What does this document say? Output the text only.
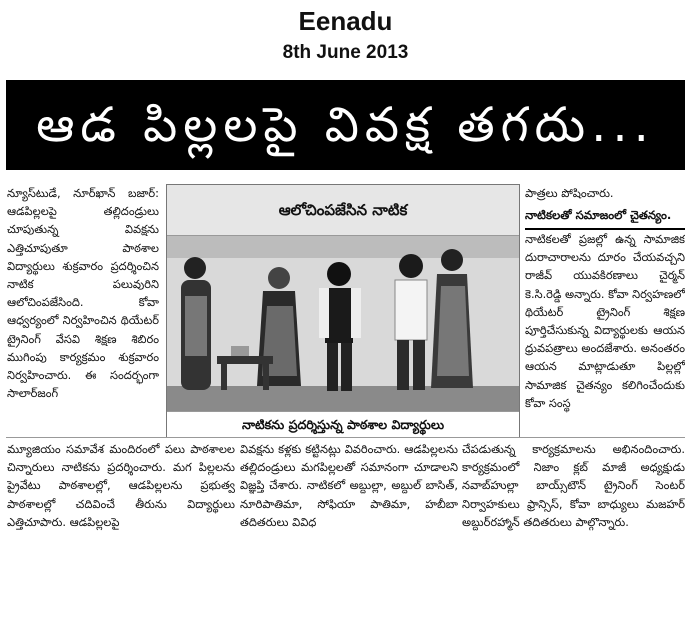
Eenadu
8th June 2013
ఆడ పిల్లలపై వివక్ష తగదు...
న్యూస్‌టుడే, నూర్‌ఖాన్ బజార్: ఆడపిల్లలపై తల్లిదండ్రులు చూపుతున్న వివక్షను ఎత్తిచూపుతూ పాఠశాల విద్యార్థులు శుక్రవారం ప్రదర్శించిన నాటిక పలువురిని ఆలోచింపజేసింది. కోవా ఆధ్వర్యంలో నిర్వహించిన థియేటర్ ట్రైనింగ్ వేసవి శిక్షణ శిబిరం ముగింపు కార్యక్రమం శుక్రవారం నిర్వహించారు. ఈ సందర్భంగా సాలార్‌జంగ్
ఆలోచింపజేసిన నాటిక
నాటికను ప్రదర్శిస్తున్న పాఠశాల విద్యార్థులు
పాత్రలు పోషించారు.
నాటికలతో సమాజంలో చైతన్యం.
నాటికలతో ప్రజల్లో ఉన్న సామాజిక దురాచారాలను దూరం చేయవచ్చని రాజీవ్ యువకిరణాలు చైర్మన్ కె.సి.రెడ్డి అన్నారు. కోవా నిర్వహణలో థియేటర్ ట్రైనింగ్ శిక్షణ పూర్తిచేసుకున్న విద్యార్థులకు ఆయన ధ్రువపత్రాలు అందజేశారు. అనంతరం ఆయన మాట్లాడుతూ పిల్లల్లో సామాజిక చైతన్యం కలిగించేందుకు కోవా సంస్థ
మ్యూజియం సమావేశ మందిరంలో పలు పాఠశాలల చిన్నారులు నాటికను ప్రదర్శించారు. మగ పిల్లలను ప్రైవేటు పాఠశాలల్లో, ఆడపిల్లలను ప్రభుత్వ పాఠశాలల్లో చదివించే తీరును విద్యార్థులు ఎత్తిచూపారు. ఆడపిల్లలపై
వివక్షను కళ్లకు కట్టినట్లు వివరించారు. ఆడపిల్లలను తల్లిదండ్రులు మగపిల్లలతో సమానంగా చూడాలని విజ్ఞప్తి చేశారు. నాటికలో అబ్దుల్లా, అబ్దుల్ బాసిత్, నూరిపాతిమా, సోఫియా పాతిమా, హబీబా తదితరులు వివిధ
చేపడుతున్న కార్యక్రమాలను అభినందించారు. కార్యక్రమంలో నిజాం క్లబ్ మాజీ అధ్యక్షుడు నవాబ్‌హుల్లా బాయ్స్‌టౌన్ ట్రైనింగ్ సెంటర్ నిర్వాహకులు ఫ్రాన్సిస్, కోవా బాధ్యులు మజహర్ అబ్దుర్‌రహ్మాన్ తదితరులు పాల్గొన్నారు.
